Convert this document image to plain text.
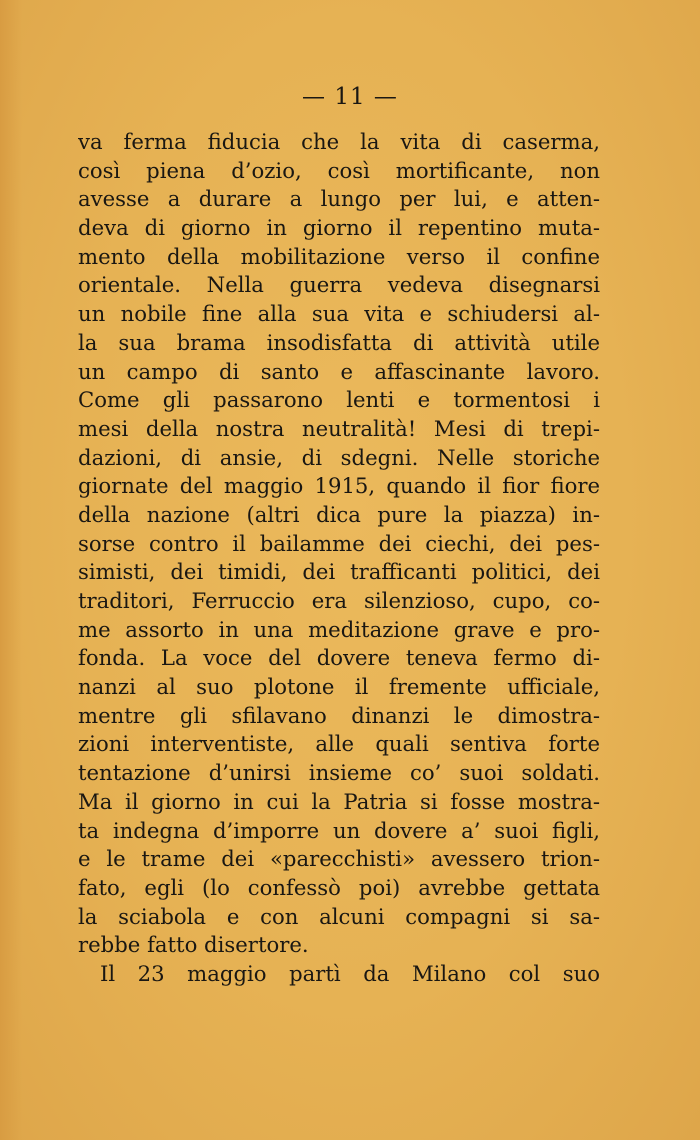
— 11 —
va ferma fiducia che la vita di caserma,
così piena d’ozio, così mortificante, non
avesse a durare a lungo per lui, e atten-
deva di giorno in giorno il repentino muta-
mento della mobilitazione verso il confine
orientale. Nella guerra vedeva disegnarsi
un nobile fine alla sua vita e schiudersi al-
la sua brama insodisfatta di attività utile
un campo di santo e affascinante lavoro.
Come gli passarono lenti e tormentosi i
mesi della nostra neutralità! Mesi di trepi-
dazioni, di ansie, di sdegni. Nelle storiche
giornate del maggio 1915, quando il fior fiore
della nazione (altri dica pure la piazza) in-
sorse contro il bailamme dei ciechi, dei pes-
simisti, dei timidi, dei trafficanti politici, dei
traditori, Ferruccio era silenzioso, cupo, co-
me assorto in una meditazione grave e pro-
fonda. La voce del dovere teneva fermo di-
nanzi al suo plotone il fremente ufficiale,
mentre gli sfilavano dinanzi le dimostra-
zioni interventiste, alle quali sentiva forte
tentazione d’unirsi insieme co’ suoi soldati.
Ma il giorno in cui la Patria si fosse mostra-
ta indegna d’imporre un dovere a’ suoi figli,
e le trame dei «parecchisti» avessero trion-
fato, egli (lo confessò poi) avrebbe gettata
la sciabola e con alcuni compagni si sa-
rebbe fatto disertore.
Il 23 maggio partì da Milano col suo
